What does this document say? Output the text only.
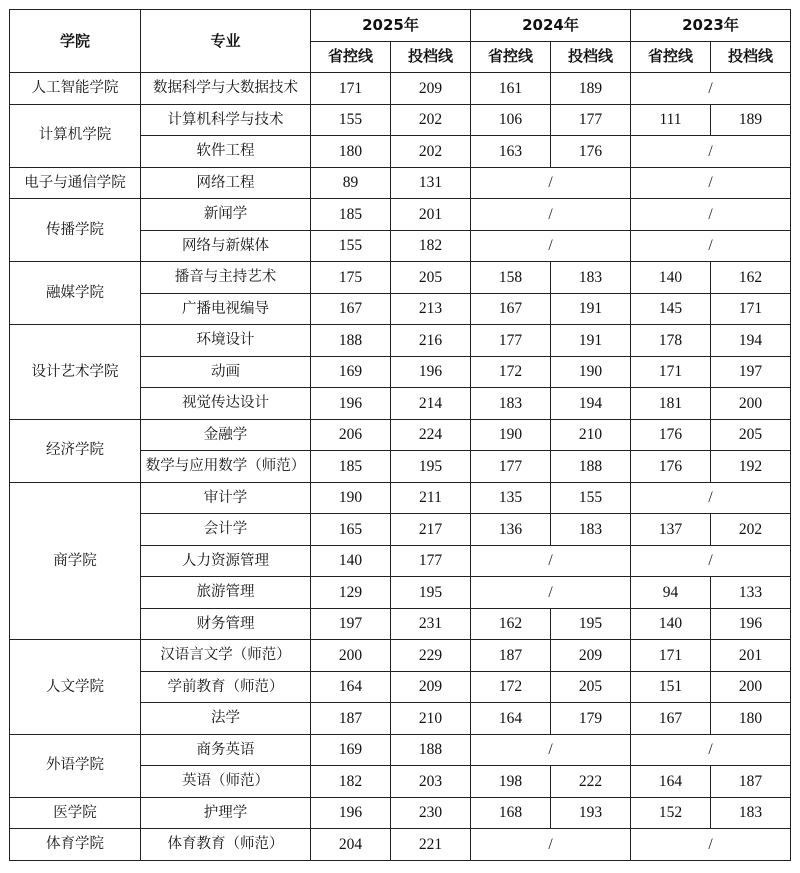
学院	专业	2025年		2024年		2023年	
		省控线	投档线	省控线	投档线	省控线	投档线
人工智能学院	数据科学与大数据技术	171	209	161	189	/	
计算机学院	计算机科学与技术	155	202	106	177	111	189
	软件工程	180	202	163	176	/	
电子与通信学院	网络工程	89	131	/		/	
传播学院	新闻学	185	201	/		/	
	网络与新媒体	155	182	/		/	
融媒学院	播音与主持艺术	175	205	158	183	140	162
	广播电视编导	167	213	167	191	145	171
设计艺术学院	环境设计	188	216	177	191	178	194
	动画	169	196	172	190	171	197
	视觉传达设计	196	214	183	194	181	200
经济学院	金融学	206	224	190	210	176	205
	数学与应用数学（师范）	185	195	177	188	176	192
商学院	审计学	190	211	135	155	/	
	会计学	165	217	136	183	137	202
	人力资源管理	140	177	/		/	
	旅游管理	129	195	/		94	133
	财务管理	197	231	162	195	140	196
人文学院	汉语言文学（师范）	200	229	187	209	171	201
	学前教育（师范）	164	209	172	205	151	200
	法学	187	210	164	179	167	180
外语学院	商务英语	169	188	/		/	
	英语（师范）	182	203	198	222	164	187
医学院	护理学	196	230	168	193	152	183
体育学院	体育教育（师范）	204	221	/		/	
